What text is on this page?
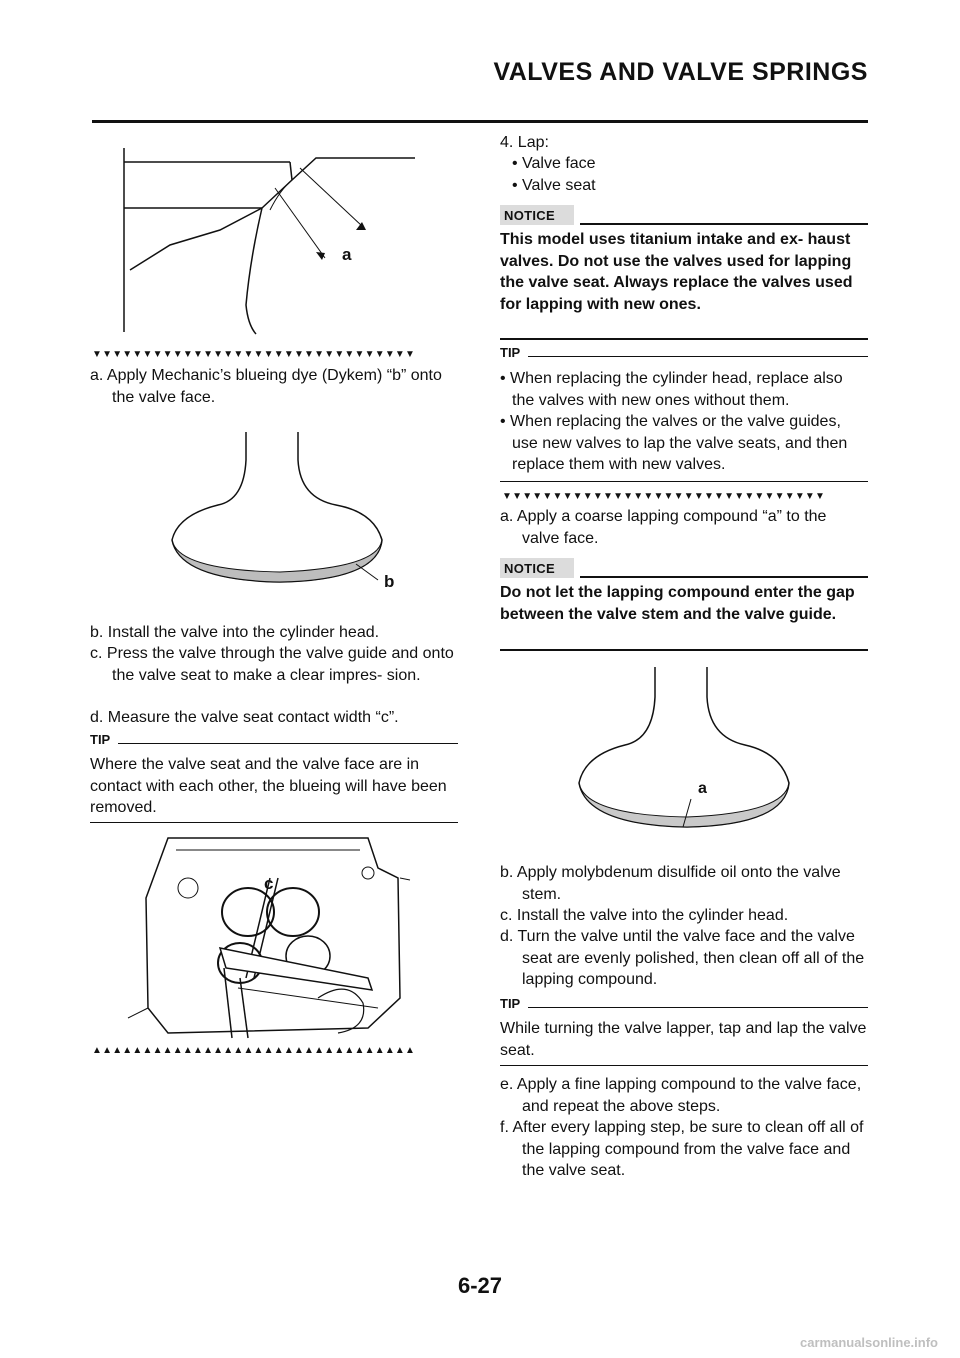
VALVES AND VALVE SPRINGS
a
▼▼▼▼▼▼▼▼▼▼▼▼▼▼▼▼▼▼▼▼▼▼▼▼▼▼▼▼▼▼▼▼
a. Apply Mechanic’s blueing dye (Dykem) “b” onto the valve face.
b
b. Install the valve into the cylinder head.
c. Press the valve through the valve guide and onto the valve seat to make a clear impres- sion.
d. Measure the valve seat contact width “c”.
TIP
Where the valve seat and the valve face are in contact with each other, the blueing will have been removed.
c
▲▲▲▲▲▲▲▲▲▲▲▲▲▲▲▲▲▲▲▲▲▲▲▲▲▲▲▲▲▲▲▲
4. Lap:
• Valve face
• Valve seat
NOTICE
This model uses titanium intake and ex- haust valves. Do not use the valves used for lapping the valve seat. Always replace the valves used for lapping with new ones.
TIP
• When replacing the cylinder head, replace also the valves with new ones without them.
• When replacing the valves or the valve guides, use new valves to lap the valve seats, and then replace them with new valves.
▼▼▼▼▼▼▼▼▼▼▼▼▼▼▼▼▼▼▼▼▼▼▼▼▼▼▼▼▼▼▼▼
a. Apply a coarse lapping compound “a” to the valve face.
NOTICE
Do not let the lapping compound enter the gap between the valve stem and the valve guide.
a
b. Apply molybdenum disulfide oil onto the valve stem.
c. Install the valve into the cylinder head.
d. Turn the valve until the valve face and the valve seat are evenly polished, then clean off all of the lapping compound.
TIP
While turning the valve lapper, tap and lap the valve seat.
e. Apply a fine lapping compound to the valve face, and repeat the above steps.
f. After every lapping step, be sure to clean off all of the lapping compound from the valve face and the valve seat.
6-27
carmanualsonline.info
